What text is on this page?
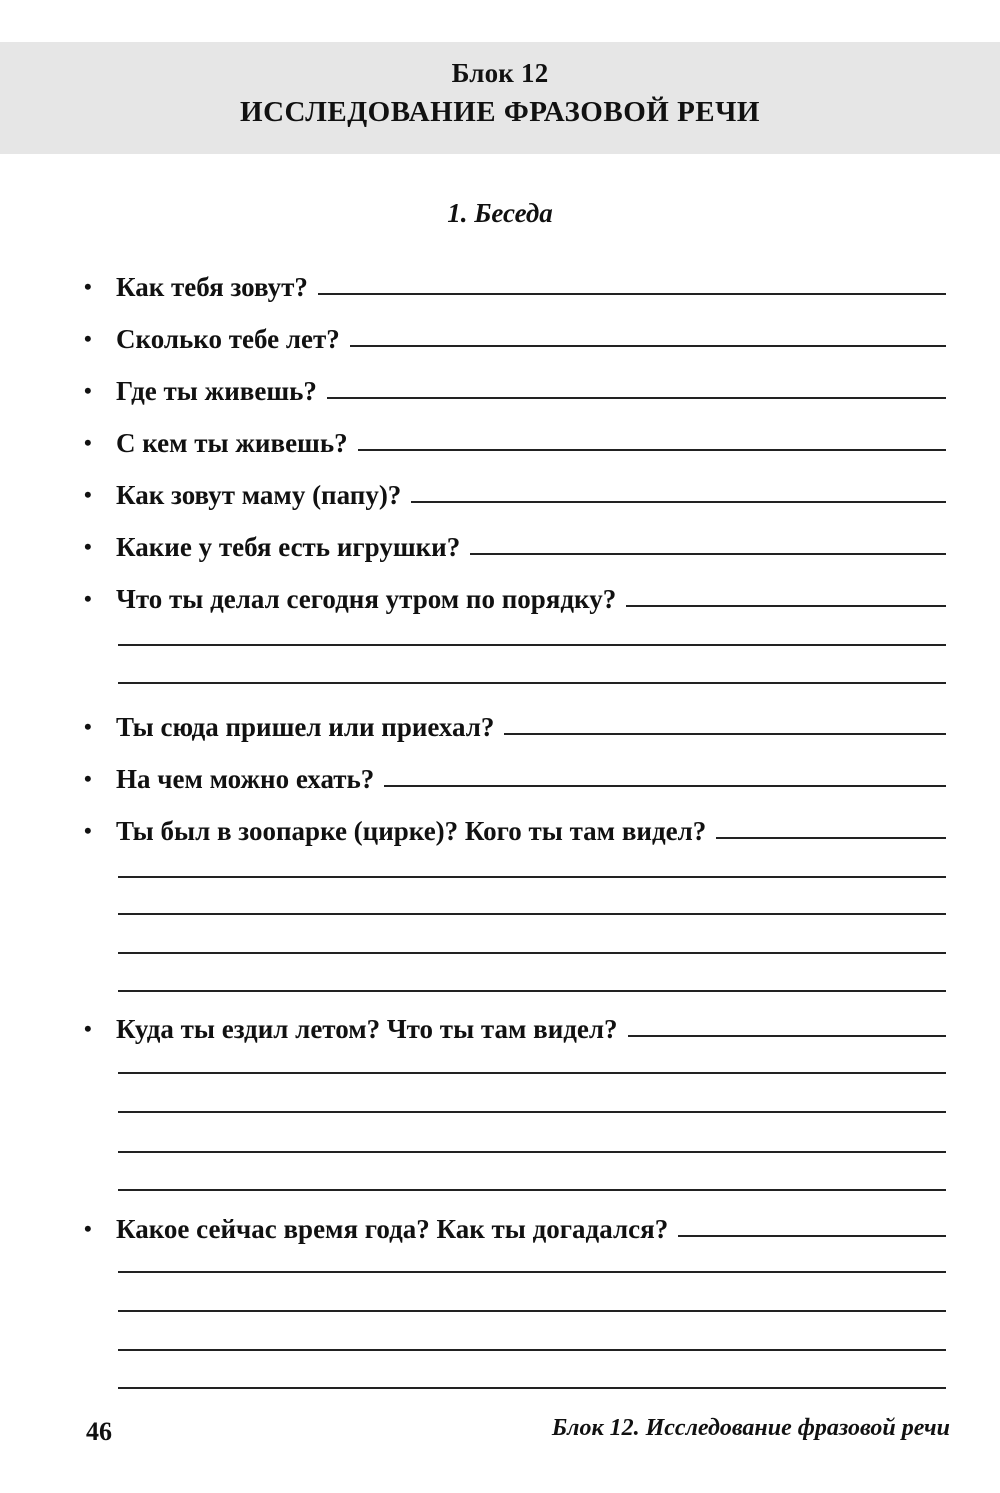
Блок 12
ИССЛЕДОВАНИЕ ФРАЗОВОЙ РЕЧИ
1. Беседа
• Как тебя зовут?
• Сколько тебе лет?
• Где ты живешь?
• С кем ты живешь?
• Как зовут маму (папу)?
• Какие у тебя есть игрушки?
• Что ты делал сегодня утром по порядку?
• Ты сюда пришел или приехал?
• На чем можно ехать?
• Ты был в зоопарке (цирке)? Кого ты там видел?
• Куда ты ездил летом? Что ты там видел?
• Какое сейчас время года? Как ты догадался?
46	Блок 12. Исследование фразовой речи
